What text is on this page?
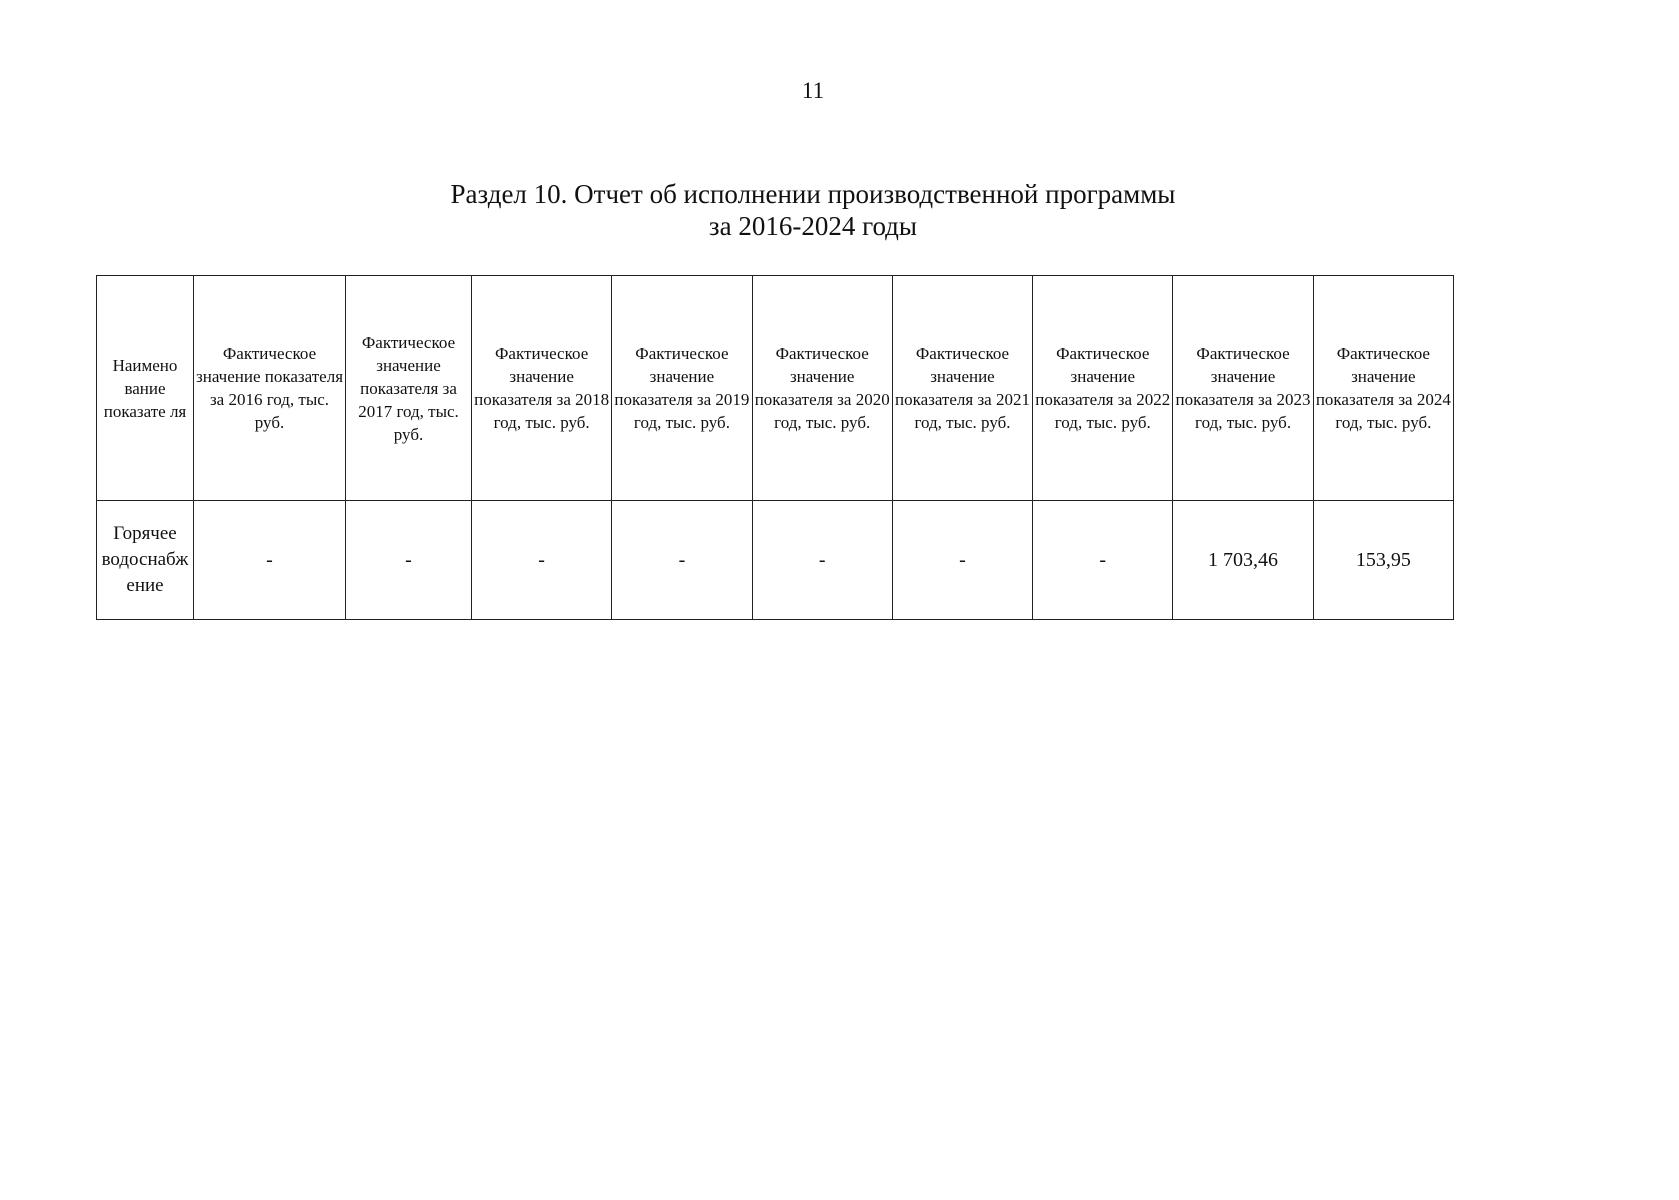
11
Раздел 10. Отчет об исполнении производственной программы
за 2016-2024 годы
Наимено вание показате ля	Фактическое значение показателя за 2016 год, тыс. руб.	Фактическое значение показателя за 2017 год, тыс. руб.	Фактическое значение показателя за 2018 год, тыс. руб.	Фактическое значение показателя за 2019 год, тыс. руб.	Фактическое значение показателя за 2020 год, тыс. руб.	Фактическое значение показателя за 2021 год, тыс. руб.	Фактическое значение показателя за 2022 год, тыс. руб.	Фактическое значение показателя за 2023 год, тыс. руб.	Фактическое значение показателя за 2024 год, тыс. руб.
Горячее водоснабж ение	-	-	-	-	-	-	-	1 703,46	153,95
